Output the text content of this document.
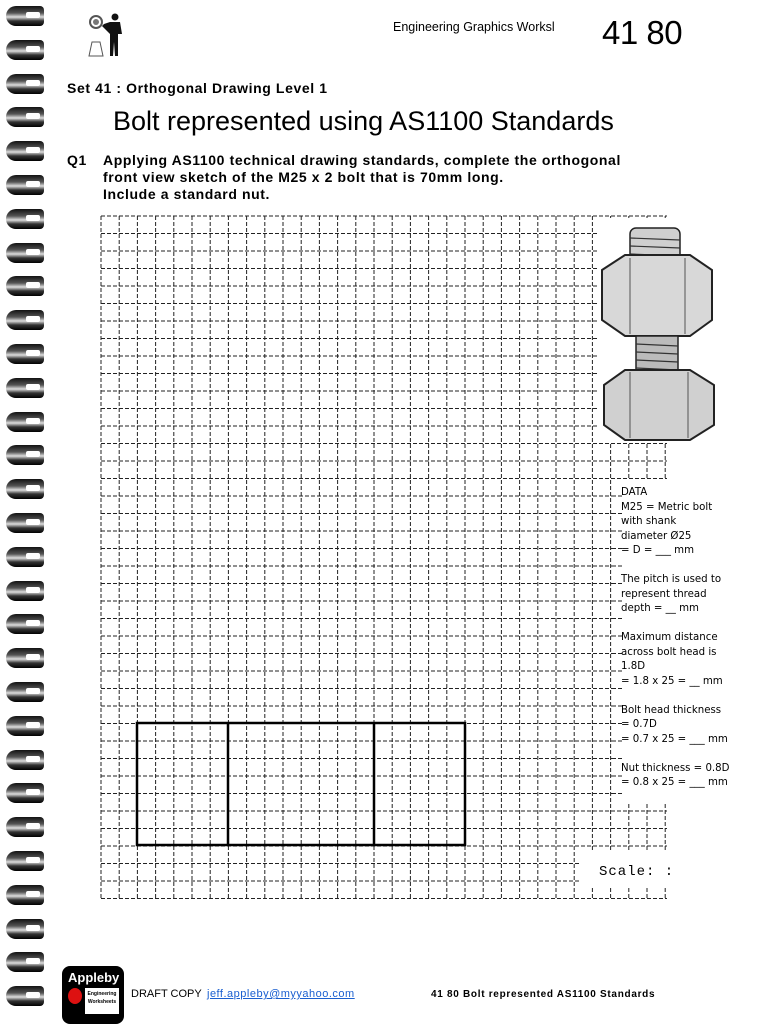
Engineering Graphics Worksl 41 80
Set 41 : Orthogonal Drawing Level 1
Bolt represented using AS1100 Standards
Q1 Applying AS1100 technical drawing standards, complete the orthogonal
front view sketch of the M25 x 2 bolt that is 70mm long.
Include a standard nut.
DATA

M25 = Metric bolt
with shank
diameter Ø25
= D = ___ mm

The pitch is used to
represent thread
depth = __ mm

Maximum distance
across bolt head is
1.8D
= 1.8 x 25 = __ mm

Bolt head thickness
= 0.7D
= 0.7 x 25 = ___ mm

Nut thickness = 0.8D
= 0.8 x 25 = ___ mm

Scale: :
Appleby
Engineering Worksheets
DRAFT COPY jeff.appleby@myyahoo.com	41 80 Bolt represented AS1100 Standards
